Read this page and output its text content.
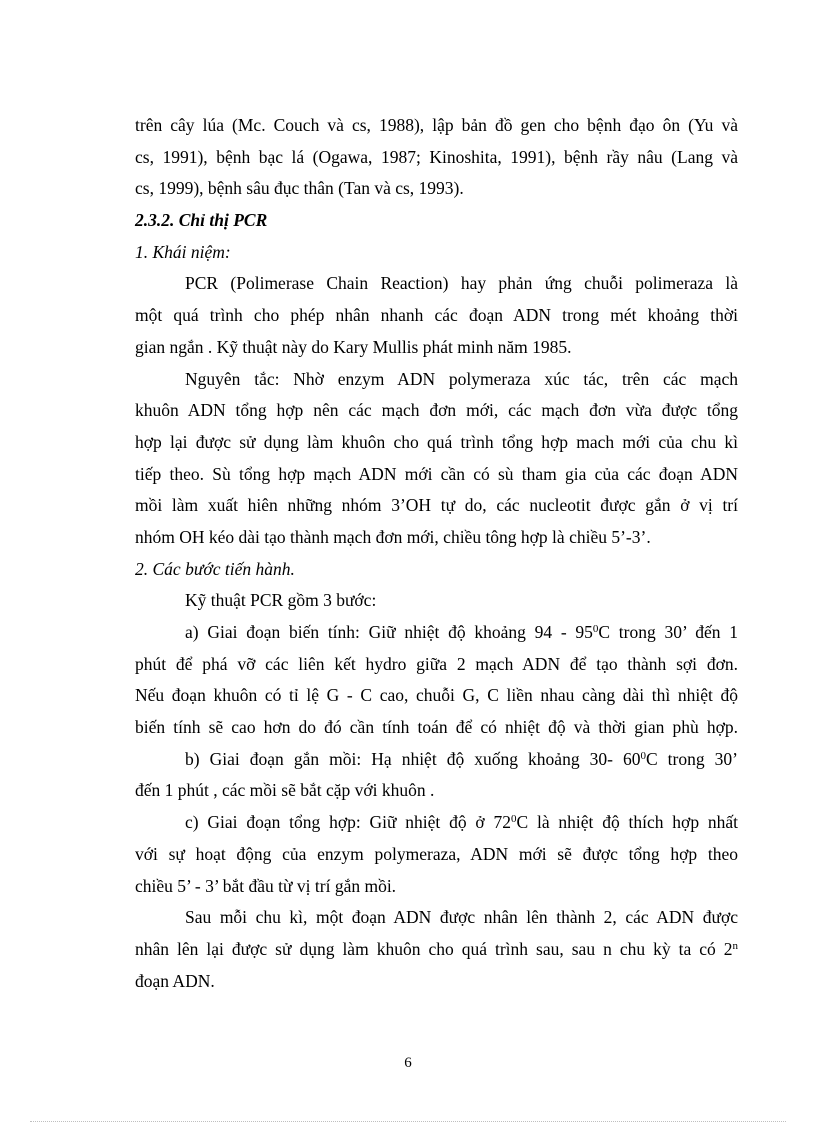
trên cây lúa (Mc. Couch và cs, 1988), lập bản đồ gen cho bệnh đạo ôn (Yu và
cs, 1991), bệnh bạc lá (Ogawa, 1987; Kinoshita, 1991), bệnh rầy nâu (Lang và
cs, 1999), bệnh sâu đục thân (Tan và cs, 1993).
2.3.2. Chỉ thị PCR
1. Khái niệm:
PCR (Polimerase Chain Reaction) hay phản ứng chuỗi polimeraza là
một quá trình cho phép nhân nhanh các đoạn ADN trong mét khoảng thời
gian ngắn . Kỹ thuật này do Kary Mullis phát minh năm 1985.
Nguyên tắc: Nhờ enzym ADN polymeraza xúc tác, trên các mạch
khuôn ADN tổng hợp nên các mạch đơn mới, các mạch đơn vừa được tổng
hợp lại được sử dụng làm khuôn cho quá trình tổng hợp mach mới của chu kì
tiếp theo. Sù tổng hợp mạch ADN mới cần có sù tham gia của các đoạn ADN
mồi làm xuất hiên những nhóm 3’OH tự do, các nucleotit được gắn ở vị trí
nhóm OH kéo dài tạo thành mạch đơn mới, chiều tông hợp là chiều 5’-3’.
2. Các bước tiến hành.
Kỹ thuật PCR gồm 3 bước:
a) Giai đoạn biến tính: Giữ nhiệt độ khoảng $94 - 95^0C$ trong 30’ đến 1
phút để phá vỡ các liên kết hydro giữa 2 mạch ADN để tạo thành sợi đơn.
Nếu đoạn khuôn có tỉ lệ G - C cao, chuỗi G, C liền nhau càng dài thì nhiệt độ
biến tính sẽ cao hơn do đó cần tính toán để có nhiệt độ và thời gian phù hợp.
b) Giai đoạn gắn mồi: Hạ nhiệt độ xuống khoảng 30- $60^0C$ trong 30’
đến 1 phút , các mồi sẽ bắt cặp với khuôn .
c) Giai đoạn tổng hợp: Giữ nhiệt độ ở $72^0C$ là nhiệt độ thích hợp nhất
với sự hoạt động của enzym polymeraza, ADN mới sẽ được tổng hợp theo
chiều 5’ - 3’ bắt đầu từ vị trí gắn mồi.
Sau mỗi chu kì, một đoạn ADN được nhân lên thành 2, các ADN được
nhân lên lại được sử dụng làm khuôn cho quá trình sau, sau n chu kỳ ta có 2$^n$
đoạn ADN.
6
